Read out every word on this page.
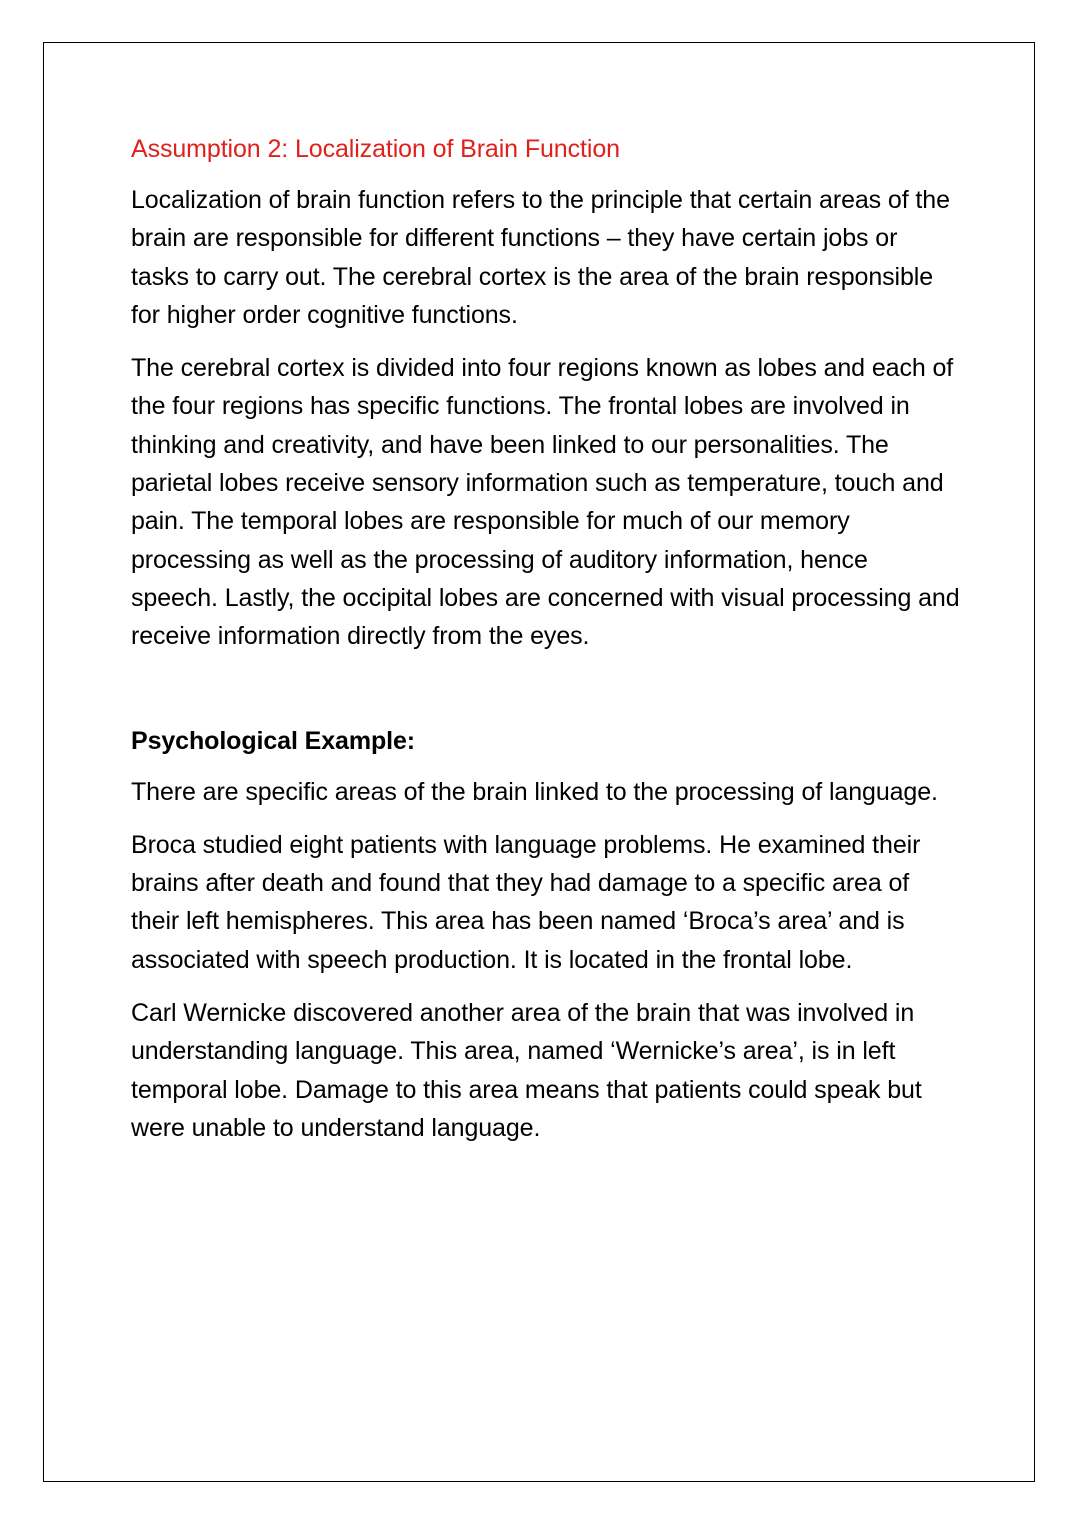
Assumption 2: Localization of Brain Function

Localization of brain function refers to the principle that certain areas of the brain are responsible for different functions – they have certain jobs or tasks to carry out. The cerebral cortex is the area of the brain responsible for higher order cognitive functions.

The cerebral cortex is divided into four regions known as lobes and each of the four regions has specific functions. The frontal lobes are involved in thinking and creativity, and have been linked to our personalities. The parietal lobes receive sensory information such as temperature, touch and pain. The temporal lobes are responsible for much of our memory processing as well as the processing of auditory information, hence speech. Lastly, the occipital lobes are concerned with visual processing and receive information directly from the eyes.

Psychological Example:

There are specific areas of the brain linked to the processing of language.

Broca studied eight patients with language problems. He examined their brains after death and found that they had damage to a specific area of their left hemispheres. This area has been named ‘Broca’s area’ and is associated with speech production. It is located in the frontal lobe.

Carl Wernicke discovered another area of the brain that was involved in understanding language. This area, named ‘Wernicke’s area’, is in left temporal lobe. Damage to this area means that patients could speak but were unable to understand language.
